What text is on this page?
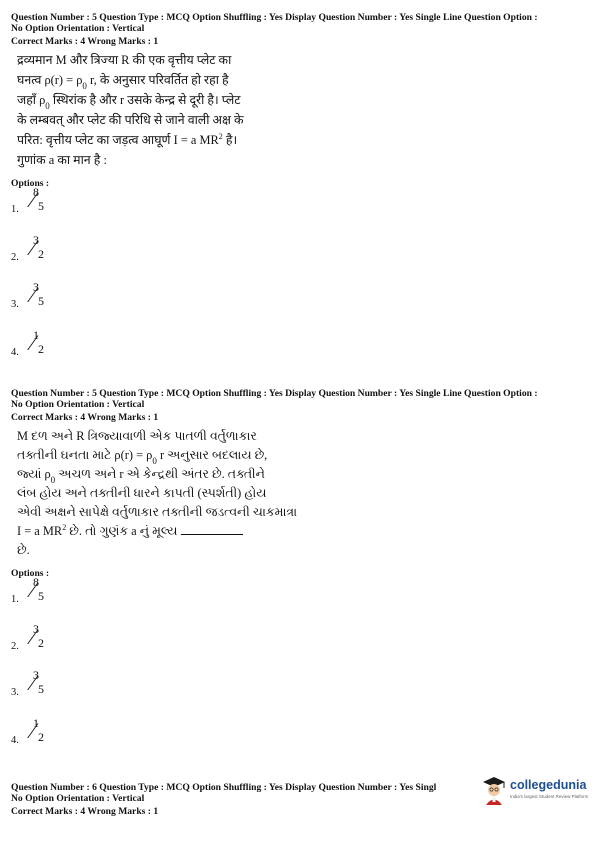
Question Number : 5 Question Type : MCQ Option Shuffling : Yes Display Question Number : Yes Single Line Question Option :
No Option Orientation : Vertical
Correct Marks : 4 Wrong Marks : 1
द्रव्यमान M और त्रिज्या R की एक वृत्तीय प्लेट का
घनत्व $\rho(r) = \rho_0$ r, के अनुसार परिवर्तित हो रहा है
जहाँ $\rho_0$ स्थिरांक है और r उसके केन्द्र से दूरी है। प्लेट
के लम्बवत् और प्लेट की परिधि से जाने वाली अक्ष के
परित: वृत्तीय प्लेट का जड़त्व आघूर्ण I = a $MR^2$ है।
गुणांक a का मान है :
Options :
1.
8
⁄ 5
2.
3
⁄ 2
3.
3
⁄ 5
4.
1
⁄ 2
Question Number : 5 Question Type : MCQ Option Shuffling : Yes Display Question Number : Yes Single Line Question Option :
No Option Orientation : Vertical
Correct Marks : 4 Wrong Marks : 1
M દળ અને R ત્રિજ્યાવાળી એક પાતળી વર્તુળાકાર
તક્તીની ઘનતા માટે $\rho(r) = \rho_0$ r અનુસાર બદલાય છે,
જ્યાં $\rho_0$ અચળ અને r એ કેન્દ્રથી અંતર છે. તક્તીને
લંબ હોય અને તક્તીની ધારને કાપતી (સ્પર્શતી) હોય
એવી અક્ષને સાપેક્ષે વર્તુળાકાર તક્તીની જડત્વની ચાકમાત્રા
I = a $MR^2$ છે. તો ગુણંક a નું મૂલ્ય
છે.
Options :
1.
8
⁄ 5
2.
3
⁄ 2
3.
3
⁄ 5
4.
1
⁄ 2
Question Number : 6 Question Type : MCQ Option Shuffling : Yes Display Question Number : Yes Singl
No Option Orientation : Vertical
Correct Marks : 4 Wrong Marks : 1
collegedunia
India's largest Student Review Platform
